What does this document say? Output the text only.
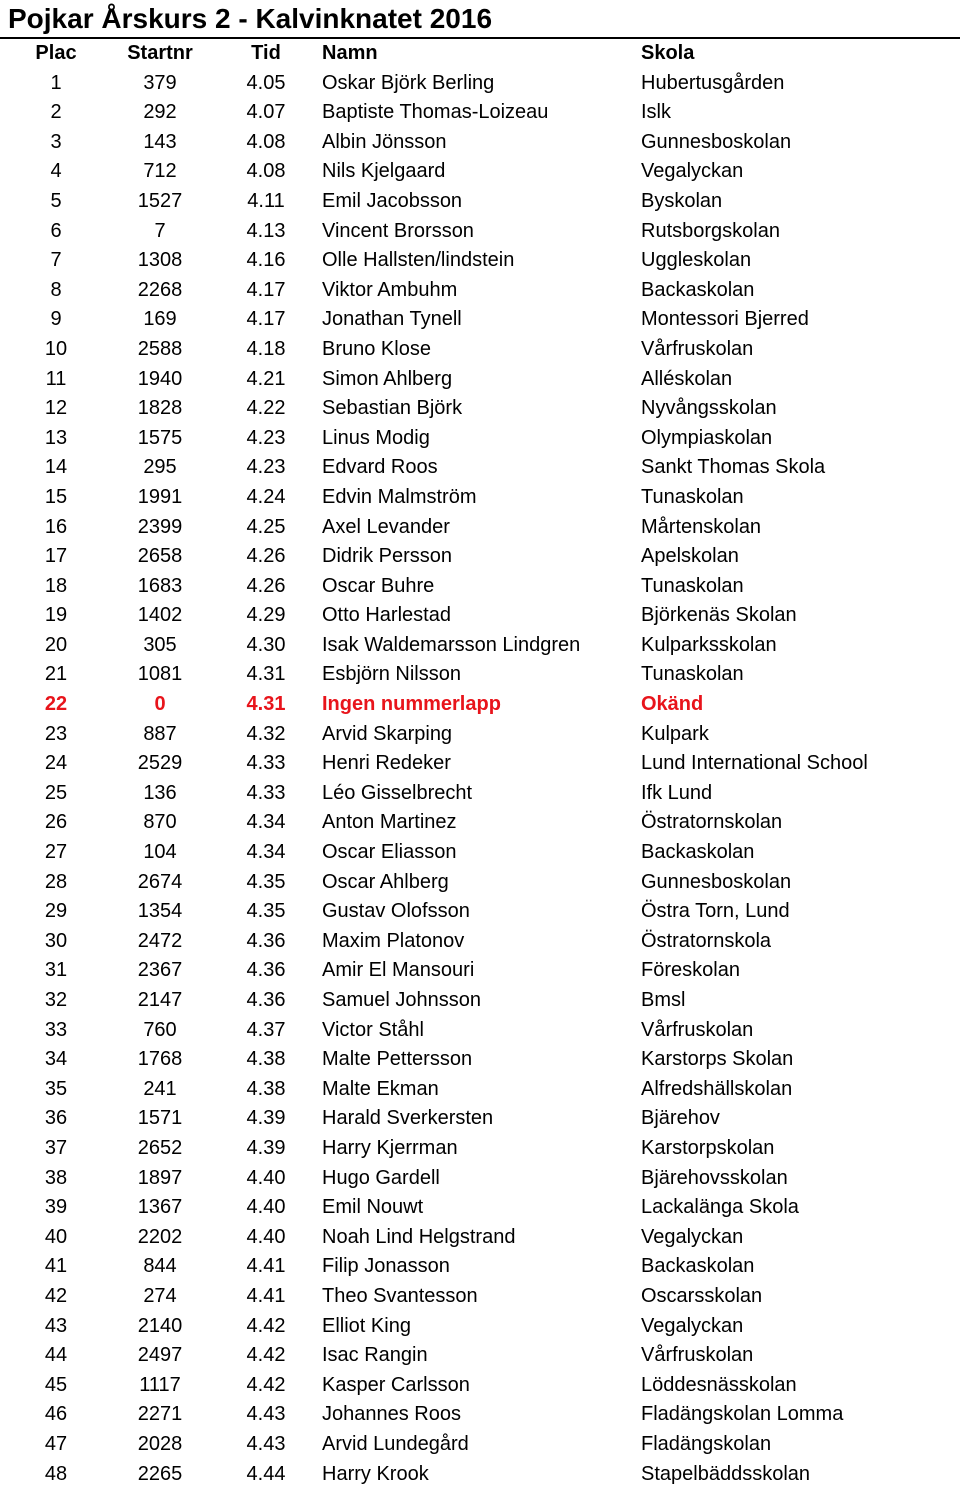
Pojkar Årskurs 2 - Kalvinknatet 2016
Plac	Startnr	Tid	Namn	Skola
1	379	4.05	Oskar Björk Berling	Hubertusgården
2	292	4.07	Baptiste Thomas-Loizeau	Islk
3	143	4.08	Albin Jönsson	Gunnesboskolan
4	712	4.08	Nils Kjelgaard	Vegalyckan
5	1527	4.11	Emil Jacobsson	Byskolan
6	7	4.13	Vincent Brorsson	Rutsborgskolan
7	1308	4.16	Olle Hallsten/lindstein	Uggleskolan
8	2268	4.17	Viktor Ambuhm	Backaskolan
9	169	4.17	Jonathan Tynell	Montessori Bjerred
10	2588	4.18	Bruno Klose	Vårfruskolan
11	1940	4.21	Simon Ahlberg	Alléskolan
12	1828	4.22	Sebastian Björk	Nyvångsskolan
13	1575	4.23	Linus Modig	Olympiaskolan
14	295	4.23	Edvard Roos	Sankt Thomas Skola
15	1991	4.24	Edvin Malmström	Tunaskolan
16	2399	4.25	Axel Levander	Mårtenskolan
17	2658	4.26	Didrik Persson	Apelskolan
18	1683	4.26	Oscar Buhre	Tunaskolan
19	1402	4.29	Otto Harlestad	Björkenäs Skolan
20	305	4.30	Isak Waldemarsson Lindgren	Kulparksskolan
21	1081	4.31	Esbjörn Nilsson	Tunaskolan
22	0	4.31	Ingen nummerlapp	Okänd
23	887	4.32	Arvid Skarping	Kulpark
24	2529	4.33	Henri Redeker	Lund International School
25	136	4.33	Léo Gisselbrecht	Ifk Lund
26	870	4.34	Anton Martinez	Östratornskolan
27	104	4.34	Oscar Eliasson	Backaskolan
28	2674	4.35	Oscar Ahlberg	Gunnesboskolan
29	1354	4.35	Gustav Olofsson	Östra Torn, Lund
30	2472	4.36	Maxim Platonov	Östratornskola
31	2367	4.36	Amir El Mansouri	Föreskolan
32	2147	4.36	Samuel Johnsson	Bmsl
33	760	4.37	Victor Ståhl	Vårfruskolan
34	1768	4.38	Malte Pettersson	Karstorps Skolan
35	241	4.38	Malte Ekman	Alfredshällskolan
36	1571	4.39	Harald Sverkersten	Bjärehov
37	2652	4.39	Harry Kjerrman	Karstorpskolan
38	1897	4.40	Hugo Gardell	Bjärehovsskolan
39	1367	4.40	Emil Nouwt	Lackalänga Skola
40	2202	4.40	Noah Lind Helgstrand	Vegalyckan
41	844	4.41	Filip Jonasson	Backaskolan
42	274	4.41	Theo Svantesson	Oscarsskolan
43	2140	4.42	Elliot King	Vegalyckan
44	2497	4.42	Isac Rangin	Vårfruskolan
45	1117	4.42	Kasper Carlsson	Löddesnässkolan
46	2271	4.43	Johannes Roos	Fladängskolan Lomma
47	2028	4.43	Arvid Lundegård	Fladängskolan
48	2265	4.44	Harry Krook	Stapelbäddsskolan
